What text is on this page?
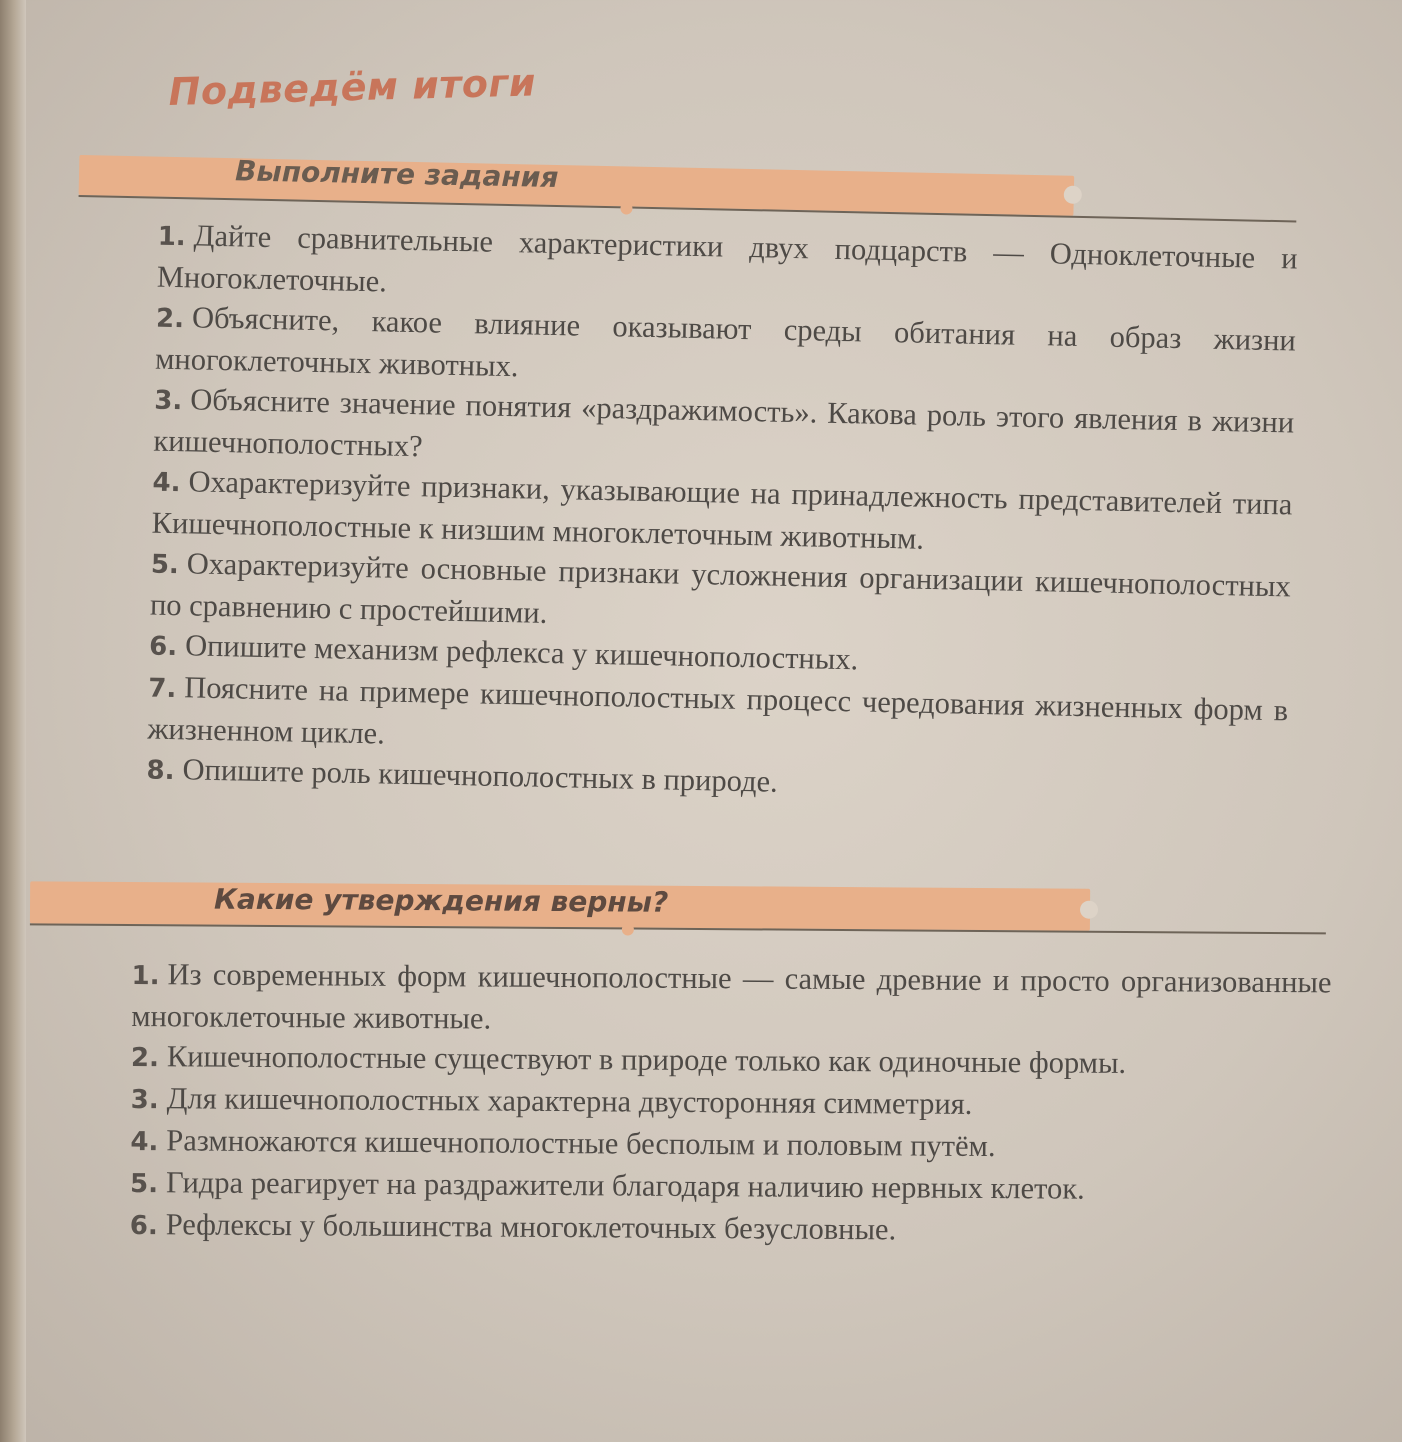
Подведём итоги
Выполните задания
1. Дайте сравнительные характеристики двух подцарств — Одноклеточные и Многоклеточные.
2. Объясните, какое влияние оказывают среды обитания на образ жизни многоклеточных животных.
3. Объясните значение понятия «раздражимость». Какова роль этого явления в жизни кишечнополостных?
4. Охарактеризуйте признаки, указывающие на принадлежность представителей типа Кишечнополостные к низшим многоклеточным животным.
5. Охарактеризуйте основные признаки усложнения организации кишечнополостных по сравнению с простейшими.
6. Опишите механизм рефлекса у кишечнополостных.
7. Поясните на примере кишечнополостных процесс чередования жизненных форм в жизненном цикле.
8. Опишите роль кишечнополостных в природе.
Какие утверждения верны?
1. Из современных форм кишечнополостные — самые древние и просто организованные многоклеточные животные.
2. Кишечнополостные существуют в природе только как одиночные формы.
3. Для кишечнополостных характерна двусторонняя симметрия.
4. Размножаются кишечнополостные бесполым и половым путём.
5. Гидра реагирует на раздражители благодаря наличию нервных клеток.
6. Рефлексы у большинства многоклеточных безусловные.
